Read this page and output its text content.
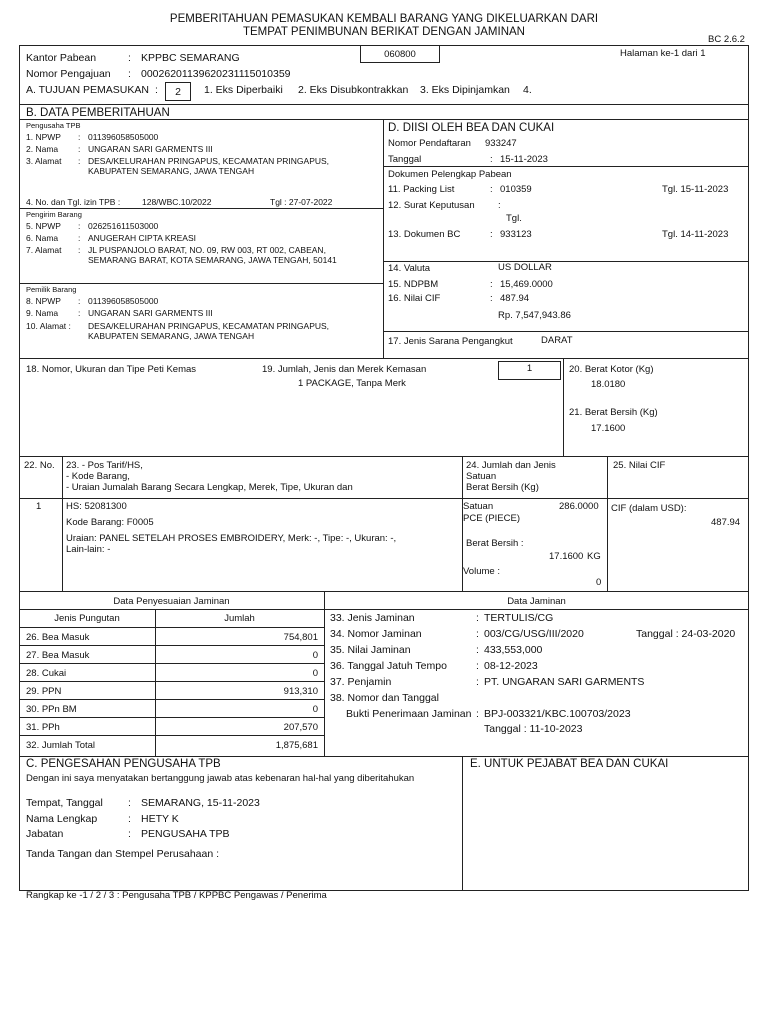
PEMBERITAHUAN PEMASUKAN KEMBALI BARANG YANG DIKELUARKAN DARI
TEMPAT PENIMBUNAN BERIKAT DENGAN JAMINAN
BC 2.6.2
Kantor Pabean	: KPPBC SEMARANG	060800	Halaman ke-1 dari 1
Nomor Pengajuan : 00026201139620231115010359
A. TUJUAN PEMASUKAN :	2	1. Eks Diperbaiki 2. Eks Disubkontrakkan 3. Eks Dipinjamkan 4.
B. DATA PEMBERITAHUAN
Pengusaha TPB
1. NPWP : 011396058505000
2. Nama : UNGARAN SARI GARMENTS III
3. Alamat : DESA/KELURAHAN PRINGAPUS, KECAMATAN PRINGAPUS,
KABUPATEN SEMARANG, JAWA TENGAH
4. No. dan Tgl. izin TPB :	128/WBC.10/2022	Tgl : 27-07-2022
Pengirim Barang
5. NPWP : 026251611503000
6. Nama : ANUGERAH CIPTA KREASI
7. Alamat : JL PUSPANJOLO BARAT, NO. 09, RW 003, RT 002, CABEAN,
SEMARANG BARAT, KOTA SEMARANG, JAWA TENGAH, 50141
Pemilik Barang
8. NPWP : 011396058505000
9. Nama : UNGARAN SARI GARMENTS III
10. Alamat : DESA/KELURAHAN PRINGAPUS, KECAMATAN PRINGAPUS,
KABUPATEN SEMARANG, JAWA TENGAH
D. DIISI OLEH BEA DAN CUKAI
Nomor Pendaftaran 933247
Tanggal	: 15-11-2023
Dokumen Pelengkap Pabean
11. Packing List	: 010359	Tgl. 15-11-2023
12. Surat Keputusan :
Tgl.
13. Dokumen BC	: 933123	Tgl. 14-11-2023
14. Valuta	US DOLLAR
15. NDPBM	: 15,469.0000
16. Nilai CIF	: 487.94
Rp. 7,547,943.86
17. Jenis Sarana Pengangkut	DARAT
18. Nomor, Ukuran dan Tipe Peti Kemas	19. Jumlah, Jenis dan Merek Kemasan	1
1 PACKAGE, Tanpa Merk
20. Berat Kotor (Kg)
18.0180
21. Berat Bersih (Kg)
17.1600
22. No. 23. - Pos Tarif/HS,
- Kode Barang,
- Uraian Jumalah Barang Secara Lengkap, Merek, Tipe, Ukuran dan
24. Jumlah dan Jenis
Satuan
Berat Bersih (Kg)
25. Nilai CIF
1	HS: 52081300
Kode Barang: F0005
Uraian: PANEL SETELAH PROSES EMBROIDERY, Merk: -, Tipe: -, Ukuran: -,
Lain-lain: -
Satuan	286.0000
PCE (PIECE)
Berat Bersih :
17.1600 KG
Volume :
0
CIF (dalam USD):
487.94
Data Penyesuaian Jaminan	Data Jaminan
Jenis Pungutan	Jumlah
26. Bea Masuk	754,801
27. Bea Masuk	0
28. Cukai	0
29. PPN	913,310
30. PPn BM	0
31. PPh	207,570
32. Jumlah Total	1,875,681
33. Jenis Jaminan	: TERTULIS/CG
34. Nomor Jaminan	: 003/CG/USG/III/2020	Tanggal : 24-03-2020
35. Nilai Jaminan	: 433,553,000
36. Tanggal Jatuh Tempo	: 08-12-2023
37. Penjamin	: PT. UNGARAN SARI GARMENTS
38. Nomor dan Tanggal
Bukti Penerimaan Jaminan : BPJ-003321/KBC.100703/2023
Tanggal : 11-10-2023
C. PENGESAHAN PENGUSAHA TPB
Dengan ini saya menyatakan bertanggung jawab atas kebenaran hal-hal yang diberitahukan
Tempat, Tanggal : SEMARANG, 15-11-2023
Nama Lengkap	: HETY K
Jabatan	: PENGUSAHA TPB
Tanda Tangan dan Stempel Perusahaan :
E. UNTUK PEJABAT BEA DAN CUKAI
Rangkap ke -1 / 2 / 3 : Pengusaha TPB / KPPBC Pengawas / Penerima
